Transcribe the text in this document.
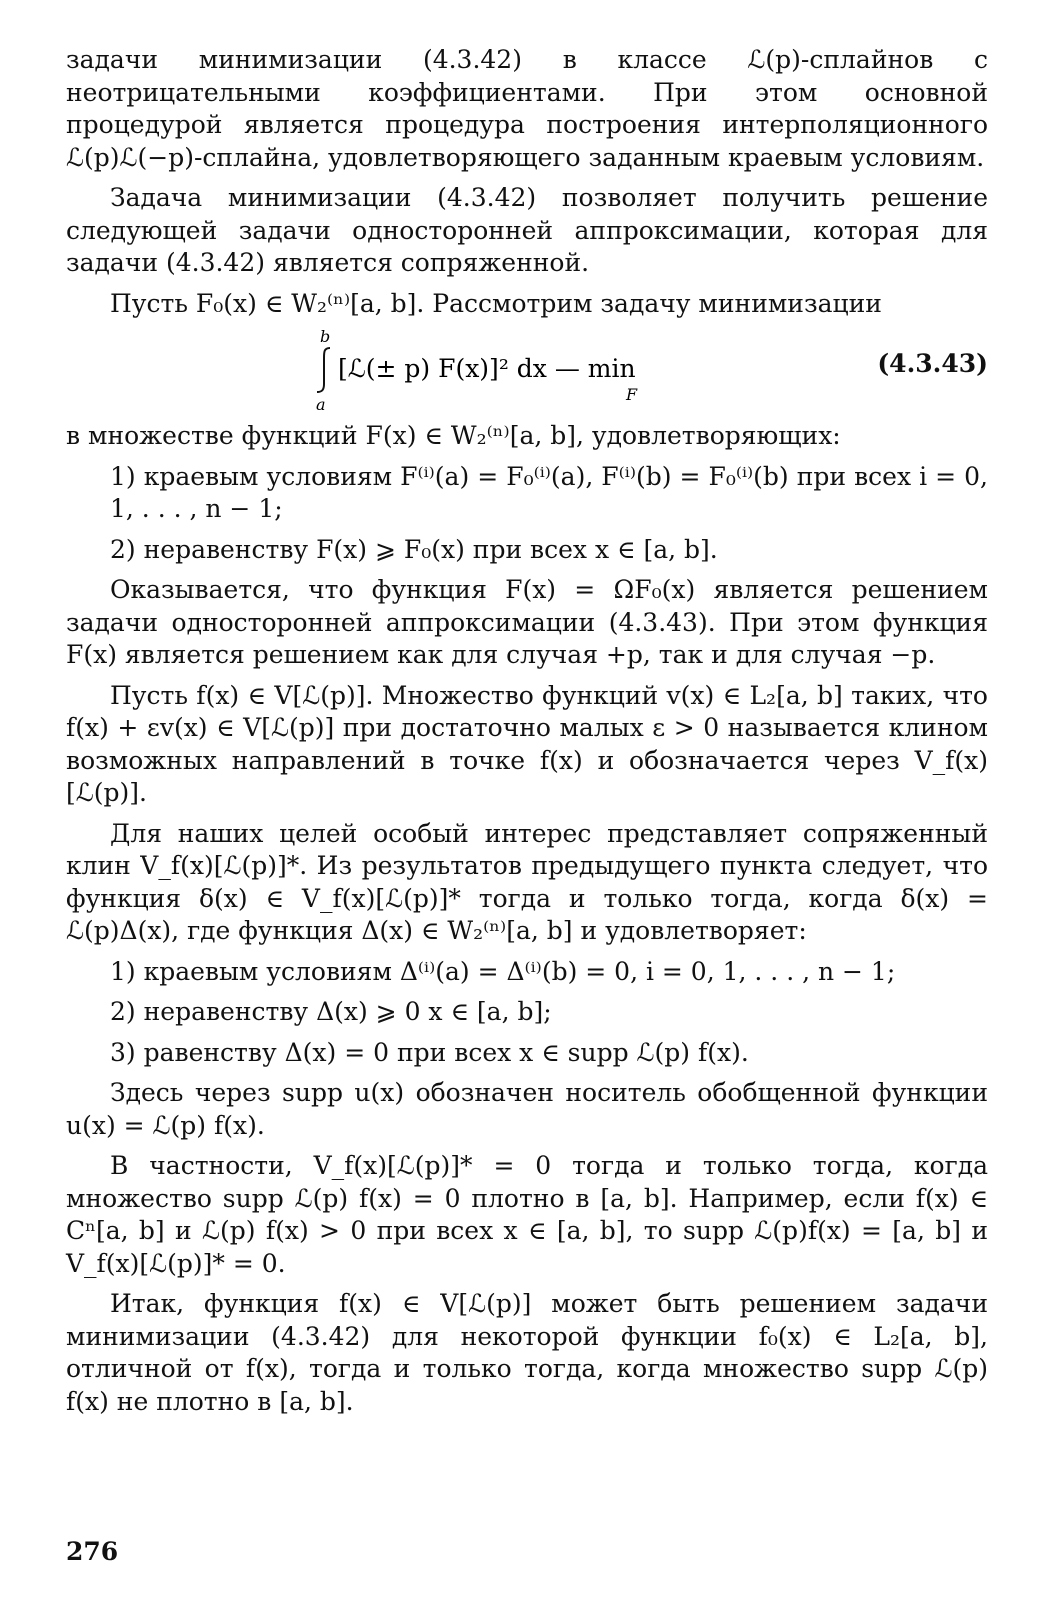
задачи минимизации (4.3.42) в классе ℒ(p)-сплайнов с неотрицательными коэффициентами. При этом основной процедурой является процедура построения интерполяционного ℒ(p)ℒ(−p)-сплайна, удовлетворяющего заданным краевым условиям.

Задача минимизации (4.3.42) позволяет получить решение следующей задачи односторонней аппроксимации, которая для задачи (4.3.42) является сопряженной.

Пусть F₀(x) ∈ W₂⁽ⁿ⁾[a, b]. Рассмотрим задачу минимизации

b
a
[ℒ(± p) F(x)]² dx — min
F
(4.3.43)

в множестве функций F(x) ∈ W₂⁽ⁿ⁾[a, b], удовлетворяющих:

1) краевым условиям F⁽ⁱ⁾(a) = F₀⁽ⁱ⁾(a), F⁽ⁱ⁾(b) = F₀⁽ⁱ⁾(b) при всех i = 0, 1, . . . , n − 1;

2) неравенству F(x) ⩾ F₀(x) при всех x ∈ [a, b].

Оказывается, что функция F(x) = ΩF₀(x) является решением задачи односторонней аппроксимации (4.3.43). При этом функция F(x) является решением как для случая +p, так и для случая −p.

Пусть f(x) ∈ V[ℒ(p)]. Множество функций v(x) ∈ L₂[a, b] таких, что f(x) + εv(x) ∈ V[ℒ(p)] при достаточно малых ε > 0 называется клином возможных направлений в точке f(x) и обозначается через V_f(x)[ℒ(p)].

Для наших целей особый интерес представляет сопряженный клин V_f(x)[ℒ(p)]*. Из результатов предыдущего пункта следует, что функция δ(x) ∈ V_f(x)[ℒ(p)]* тогда и только тогда, когда δ(x) = ℒ(p)Δ(x), где функция Δ(x) ∈ W₂⁽ⁿ⁾[a, b] и удовлетворяет:

1) краевым условиям Δ⁽ⁱ⁾(a) = Δ⁽ⁱ⁾(b) = 0, i = 0, 1, . . . , n − 1;

2) неравенству Δ(x) ⩾ 0 x ∈ [a, b];

3) равенству Δ(x) = 0 при всех x ∈ supp ℒ(p) f(x).

Здесь через supp u(x) обозначен носитель обобщенной функции u(x) = ℒ(p) f(x).

В частности, V_f(x)[ℒ(p)]* = 0 тогда и только тогда, когда множество supp ℒ(p) f(x) = 0 плотно в [a, b]. Например, если f(x) ∈ Cⁿ[a, b] и ℒ(p) f(x) > 0 при всех x ∈ [a, b], то supp ℒ(p)f(x) = [a, b] и V_f(x)[ℒ(p)]* = 0.

Итак, функция f(x) ∈ V[ℒ(p)] может быть решением задачи минимизации (4.3.42) для некоторой функции f₀(x) ∈ L₂[a, b], отличной от f(x), тогда и только тогда, когда множество supp ℒ(p) f(x) не плотно в [a, b].

276
